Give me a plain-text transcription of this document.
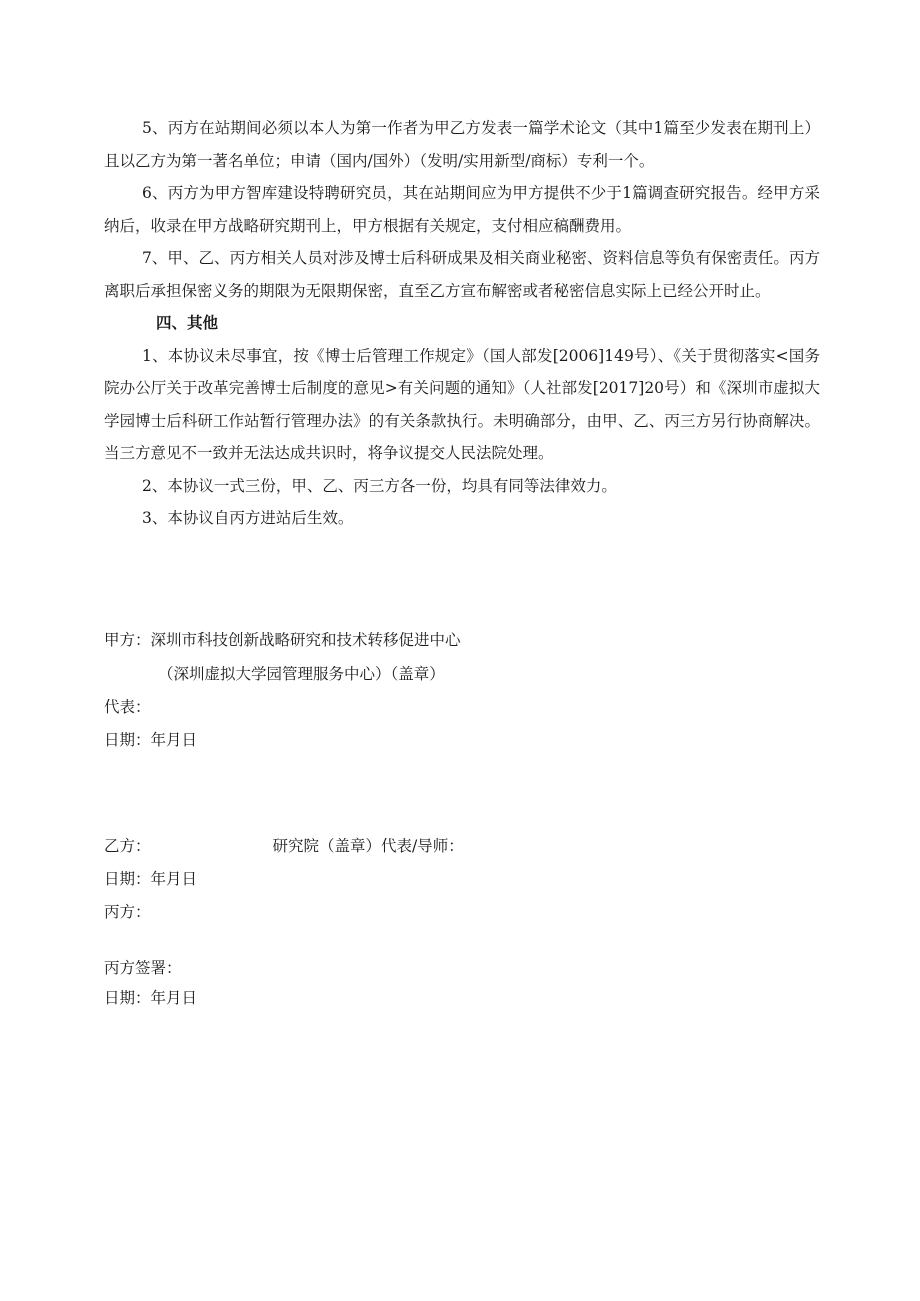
5、丙方在站期间必须以本人为第一作者为甲乙方发表一篇学术论文（其中1篇至少发表在期刊上）且以乙方为第一著名单位；申请（国内/国外）（发明/实用新型/商标）专利一个。

6、丙方为甲方智库建设特聘研究员，其在站期间应为甲方提供不少于1篇调查研究报告。经甲方采纳后，收录在甲方战略研究期刊上，甲方根据有关规定，支付相应稿酬费用。

7、甲、乙、丙方相关人员对涉及博士后科研成果及相关商业秘密、资料信息等负有保密责任。丙方离职后承担保密义务的期限为无限期保密，直至乙方宣布解密或者秘密信息实际上已经公开时止。

四、其他

1、本协议未尽事宜，按《博士后管理工作规定》（国人部发[2006]149号）、《关于贯彻落实<国务院办公厅关于改革完善博士后制度的意见>有关问题的通知》（人社部发[2017]20号）和《深圳市虚拟大学园博士后科研工作站暂行管理办法》的有关条款执行。未明确部分，由甲、乙、丙三方另行协商解决。当三方意见不一致并无法达成共识时，将争议提交人民法院处理。

2、本协议一式三份，甲、乙、丙三方各一份，均具有同等法律效力。

3、本协议自丙方进站后生效。

甲方：深圳市科技创新战略研究和技术转移促进中心
（深圳虚拟大学园管理服务中心）（盖章）
代表：
日期：年月日
乙方：	研究院（盖章）代表/导师：
日期：年月日
丙方：
丙方签署：
日期：年月日
